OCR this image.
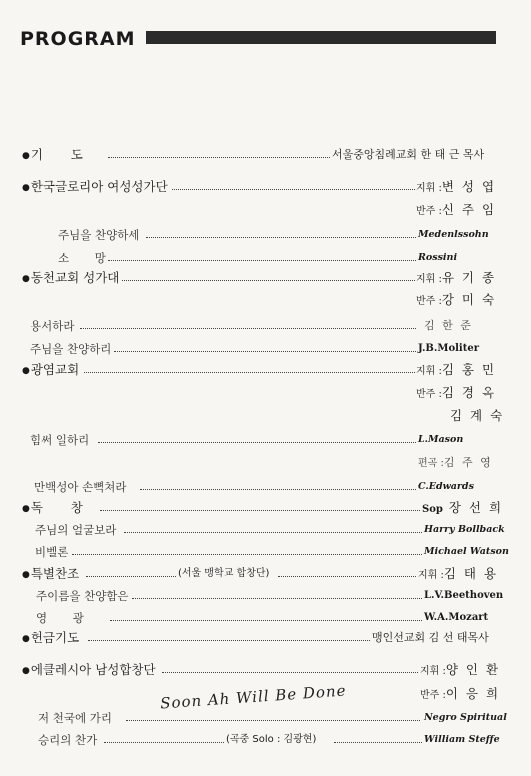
PROGRAM
● 기       도	서울중앙침례교회 한 태 근 목사
● 한국글로리아 여성성가단	지휘 :변 성 엽
반주 :신 주 임
주님을 찬양하세	Medenlssohn
소       망	Rossini
● 동천교회 성가대	지휘 :유 기 종
반주 :강 미 숙
용서하라	김 한 준
주님을 찬양하리	J.B.Moliter
● 광염교회	지휘 :김 홍 민
반주 :김 경 옥
김 계 숙
힘써 일하리	L.Mason
편곡 :김 주 영
만백성아 손뼉쳐라	C.Edwards
● 독       창	Sop 장 선 희
주님의 얼굴보라	Harry Bollback
비벨론	Michael Watson
● 특별찬조	(서울 맹학교 합창단)	지휘 :김 태 용
주이름을 찬양함은	L.V.Beethoven
영       광	W.A.Mozart
● 헌금기도	맹인선교회 김 선 태목사
● 에클레시아 남성합창단	지휘 :양 인 환
반주 :이 응 희
Soon Ah Will Be Done
저 천국에 가리	Negro Spiritual
승리의 찬가	(곡중 Solo : 김광현)	William Steffe
